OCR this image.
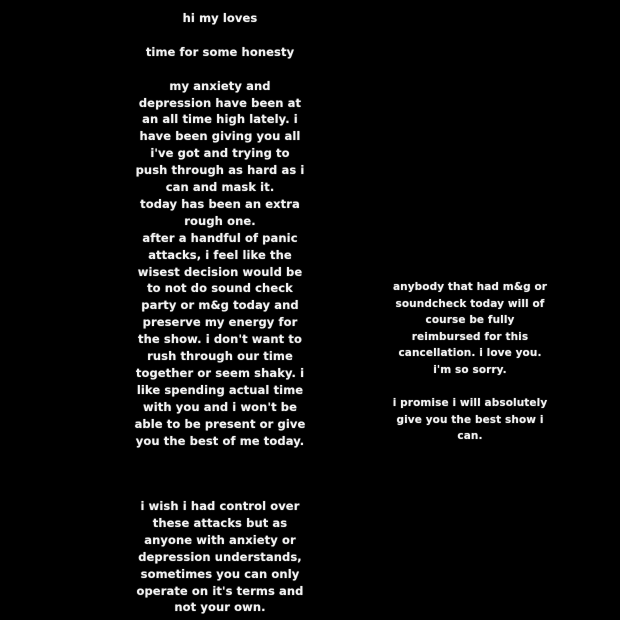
hi my loves
time for some honesty
my anxiety and
depression have been at
an all time high lately. i
have been giving you all
i've got and trying to
push through as hard as i
can and mask it.
today has been an extra
rough one.
after a handful of panic
attacks, i feel like the
wisest decision would be
to not do sound check
party or m&g today and
preserve my energy for
the show. i don't want to
rush through our time
together or seem shaky. i
like spending actual time
with you and i won't be
able to be present or give
you the best of me today.
i wish i had control over
these attacks but as
anyone with anxiety or
depression understands,
sometimes you can only
operate on it's terms and
not your own.
anybody that had m&g or
soundcheck today will of
course be fully
reimbursed for this
cancellation. i love you.
i'm so sorry.
i promise i will absolutely
give you the best show i
can.
